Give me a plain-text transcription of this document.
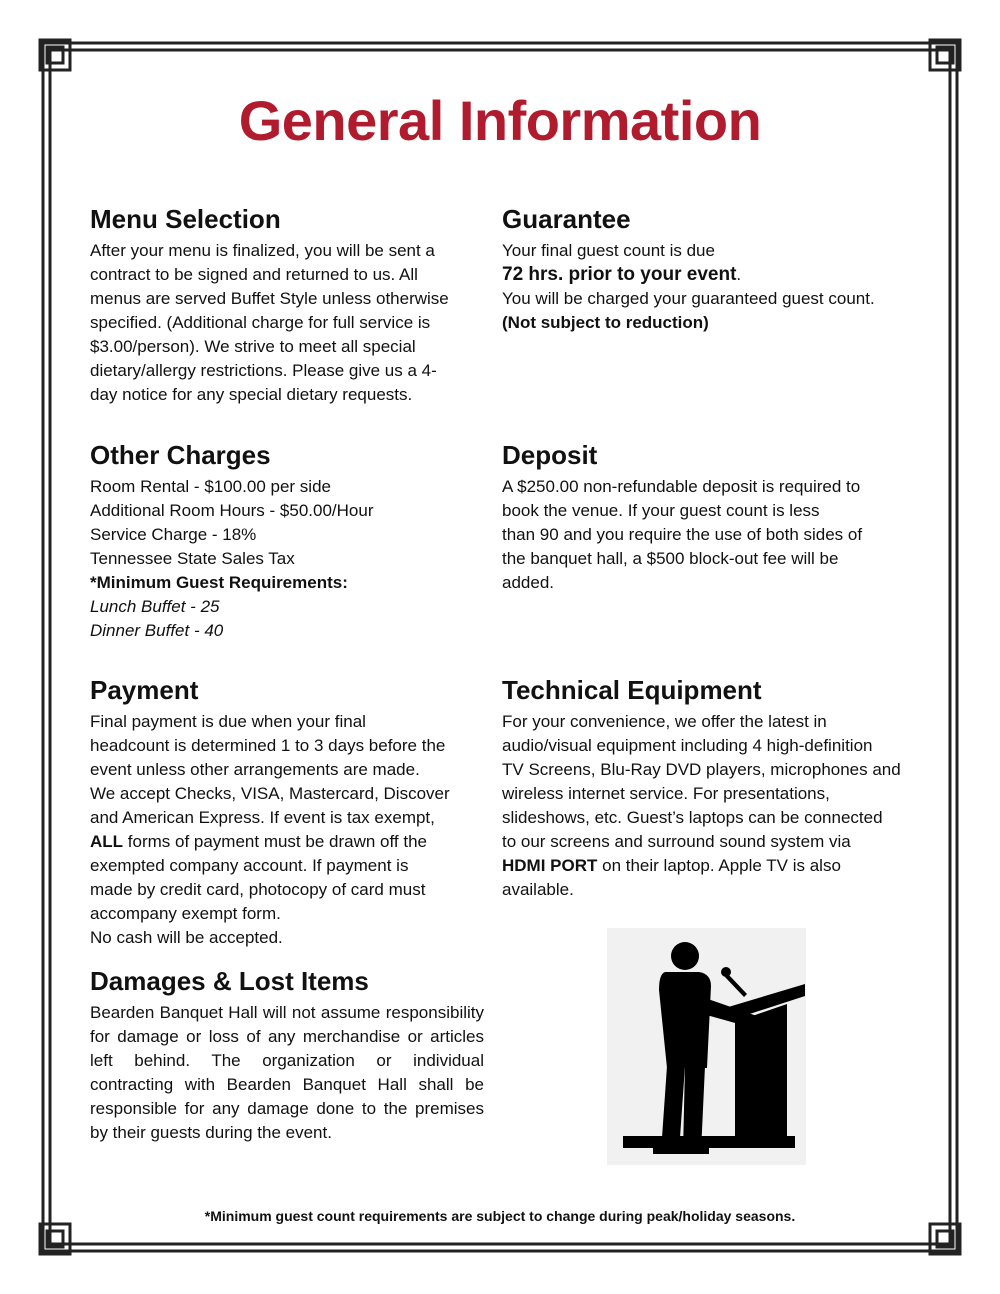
General Information
Menu Selection
After your menu is finalized, you will be sent a
contract to be signed and returned to us. All
menus are served Buffet Style unless otherwise
specified. (Additional charge for full service is
$3.00/person). We strive to meet all special
dietary/allergy restrictions. Please give us a 4-
day notice for any special dietary requests.
Guarantee
Your final guest count is due
72 hrs. prior to your event.
You will be charged your guaranteed guest count.
(Not subject to reduction)
Other Charges
Room Rental - $100.00 per side
Additional Room Hours - $50.00/Hour
Service Charge - 18%
Tennessee State Sales Tax
*Minimum Guest Requirements:
Lunch Buffet - 25
Dinner Buffet - 40
Deposit
A $250.00 non-refundable deposit is required to
book the venue. If your guest count is less
than 90 and you require the use of both sides of
the banquet hall, a $500 block-out fee will be
added.
Payment
Final payment is due when your final
headcount is determined 1 to 3 days before the
event unless other arrangements are made.
We accept Checks, VISA, Mastercard, Discover
and American Express. If event is tax exempt,
ALL forms of payment must be drawn off the
exempted company account. If payment is
made by credit card, photocopy of card must
accompany exempt form.
No cash will be accepted.
Technical Equipment
For your convenience, we offer the latest in
audio/visual equipment including 4 high-definition
TV Screens, Blu-Ray DVD players, microphones and
wireless internet service. For presentations,
slideshows, etc. Guest’s laptops can be connected
to our screens and surround sound system via
HDMI PORT on their laptop. Apple TV is also
available.
Damages & Lost Items
Bearden Banquet Hall will not assume responsibility for damage or loss of any merchandise or articles left behind. The organization or individual contracting with Bearden Banquet Hall shall be responsible for any damage done to the premises by their guests during the event.
*Minimum guest count requirements are subject to change during peak/holiday seasons.
